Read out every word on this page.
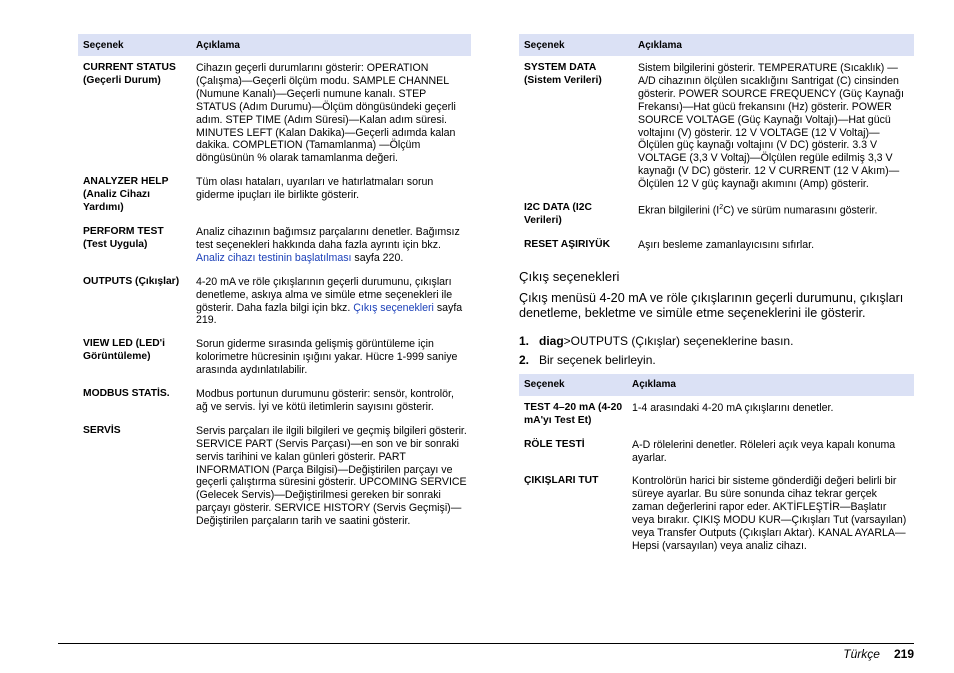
Seçenek	Açıklama
CURRENT STATUS (Geçerli Durum)	Cihazın geçerli durumlarını gösterir: OPERATION (Çalışma)—Geçerli ölçüm modu. SAMPLE CHANNEL (Numune Kanalı)—Geçerli numune kanalı. STEP STATUS (Adım Durumu)—Ölçüm döngüsündeki geçerli adım. STEP TIME (Adım Süresi)—Kalan adım süresi. MINUTES LEFT (Kalan Dakika)—Geçerli adımda kalan dakika. COMPLETION (Tamamlanma) —Ölçüm döngüsünün % olarak tamamlanma değeri.
ANALYZER HELP (Analiz Cihazı Yardımı)	Tüm olası hataları, uyarıları ve hatırlatmaları sorun giderme ipuçları ile birlikte gösterir.
PERFORM TEST (Test Uygula)	Analiz cihazının bağımsız parçalarını denetler. Bağımsız test seçenekleri hakkında daha fazla ayrıntı için bkz. Analiz cihazı testinin başlatılması sayfa 220.
OUTPUTS (Çıkışlar)	4-20 mA ve röle çıkışlarının geçerli durumunu, çıkışları denetleme, askıya alma ve simüle etme seçenekleri ile gösterir. Daha fazla bilgi için bkz. Çıkış seçenekleri sayfa 219.
VIEW LED (LED'i Görüntüleme)	Sorun giderme sırasında gelişmiş görüntüleme için kolorimetre hücresinin ışığını yakar. Hücre 1-999 saniye arasında aydınlatılabilir.
MODBUS STATİS.	Modbus portunun durumunu gösterir: sensör, kontrolör, ağ ve servis. İyi ve kötü iletimlerin sayısını gösterir.
SERVİS	Servis parçaları ile ilgili bilgileri ve geçmiş bilgileri gösterir. SERVICE PART (Servis Parçası)—en son ve bir sonraki servis tarihini ve kalan günleri gösterir. PART INFORMATION (Parça Bilgisi)—Değiştirilen parçayı ve geçerli çalıştırma süresini gösterir. UPCOMING SERVICE (Gelecek Servis)—Değiştirilmesi gereken bir sonraki parçayı gösterir. SERVICE HISTORY (Servis Geçmişi)—Değiştirilen parçaların tarih ve saatini gösterir.
Seçenek	Açıklama
SYSTEM DATA (Sistem Verileri)	Sistem bilgilerini gösterir. TEMPERATURE (Sıcaklık) —A/D cihazının ölçülen sıcaklığını Santrigat (C) cinsinden gösterir. POWER SOURCE FREQUENCY (Güç Kaynağı Frekansı)—Hat gücü frekansını (Hz) gösterir. POWER SOURCE VOLTAGE (Güç Kaynağı Voltajı)—Hat gücü voltajını (V) gösterir. 12 V VOLTAGE (12 V Voltaj)—Ölçülen güç kaynağı voltajını (V DC) gösterir. 3.3 V VOLTAGE (3,3 V Voltaj)—Ölçülen regüle edilmiş 3,3 V kaynağı (V DC) gösterir. 12 V CURRENT (12 V Akım)—Ölçülen 12 V güç kaynağı akımını (Amp) gösterir.
I2C DATA (I2C Verileri)	Ekran bilgilerini $(I^2C)$ ve sürüm numarasını gösterir.
RESET AŞIRIYÜK	Aşırı besleme zamanlayıcısını sıfırlar.
Çıkış seçenekleri

Çıkış menüsü 4-20 mA ve röle çıkışlarının geçerli durumunu, çıkışları denetleme, bekletme ve simüle etme seçeneklerini ile gösterir.

1. diag>OUTPUTS (Çıkışlar) seçeneklerine basın.
2. Bir seçenek belirleyin.
Seçenek	Açıklama
TEST 4–20 mA (4-20 mA'yı Test Et)	1-4 arasındaki 4-20 mA çıkışlarını denetler.
RÖLE TESTİ	A-D rölelerini denetler. Röleleri açık veya kapalı konuma ayarlar.
ÇIKIŞLARI TUT	Kontrolörün harici bir sisteme gönderdiği değeri belirli bir süreye ayarlar. Bu süre sonunda cihaz tekrar gerçek zaman değerlerini rapor eder. AKTİFLEŞTİR—Başlatır veya bırakır. ÇIKIŞ MODU KUR—Çıkışları Tut (varsayılan) veya Transfer Outputs (Çıkışları Aktar). KANAL AYARLA—Hepsi (varsayılan) veya analiz cihazı.
Türkçe 219
